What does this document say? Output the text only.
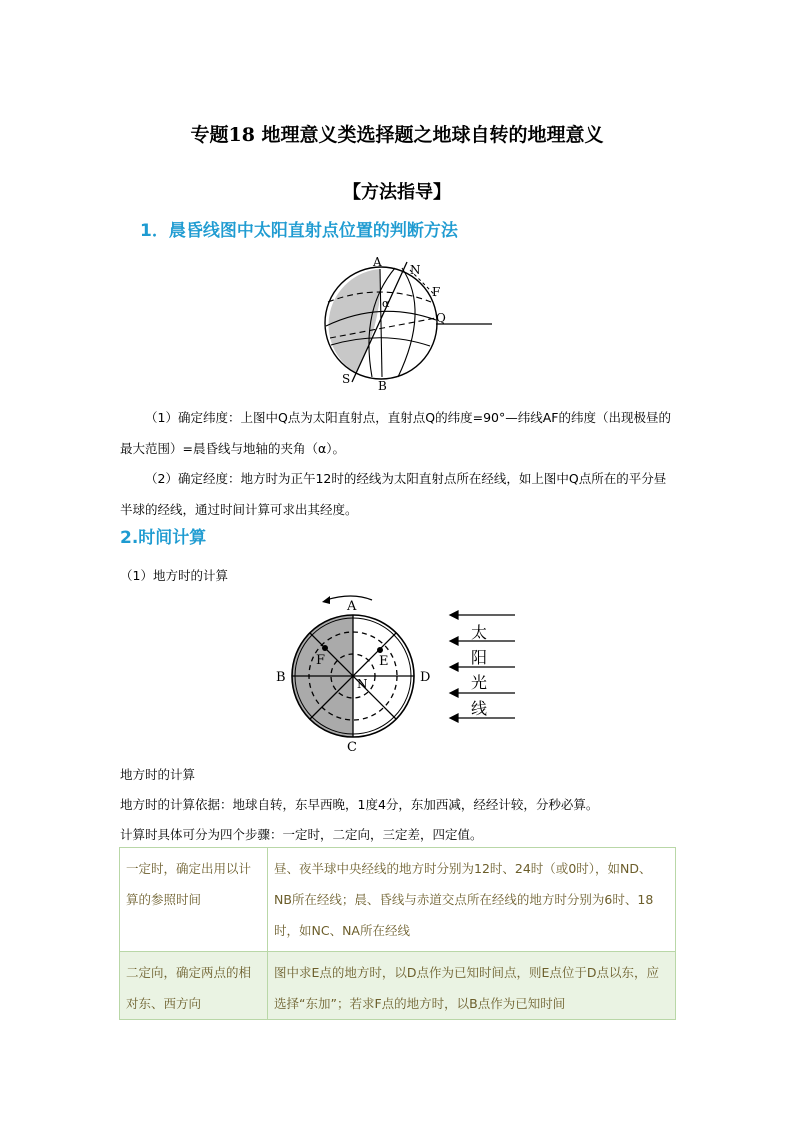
专题18 地理意义类选择题之地球自转的地理意义
【方法指导】
1．晨昏线图中太阳直射点位置的判断方法
A
N
F
Q
α
S B
（1）确定纬度：上图中Q点为太阳直射点，直射点Q的纬度=90°—纬线AF的纬度（出现极昼的最大范围）=晨昏线与地轴的夹角（α）。
（2）确定经度：地方时为正午12时的经线为太阳直射点所在经线，如上图中Q点所在的平分昼半球的经线，通过时间计算可求出其经度。
2.时间计算
（1）地方时的计算
A
B
C
D
E
F
N
太
阳
光
线
地方时的计算
地方时的计算依据：地球自转，东早西晚，1度4分，东加西减，经经计较，分秒必算。
计算时具体可分为四个步骤：一定时，二定向，三定差，四定值。
一定时，确定出用以计算的参照时间	昼、夜半球中央经线的地方时分别为12时、24时（或0时），如ND、NB所在经线；晨、昏线与赤道交点所在经线的地方时分别为6时、18时，如NC、NA所在经线
二定向，确定两点的相对东、西方向	图中求E点的地方时，以D点作为已知时间点，则E点位于D点以东，应选择“东加”；若求F点的地方时，以B点作为已知时间
